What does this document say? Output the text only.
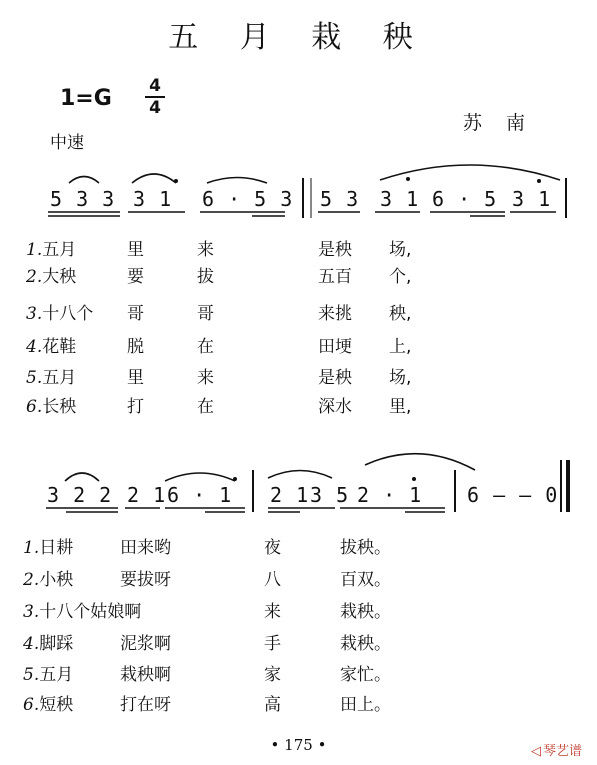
五 月 栽 秧
1=G	4
4
中速
苏 南
5 3 3 3 1 6 · 5 3 5 3 3 1 6 · 5 3 1
1.五月	里	来	是秧 场,
2.大秧	要	拔	五百 个,
3.十八个 哥	哥	来挑 秧,
4.花鞋	脱	在	田埂 上,
5.五月	里	来	是秧 场,
6.长秧	打	在	深水 里,
3 2 2 2 1 6 · 1 2 1 3 5 2 · 1 6 — — 0
1.日耕	田来哟	夜	拔秧。
2.小秧	要拔呀	八	百双。
3.十八个姑娘啊	来	栽秧。
4.脚踩	泥浆啊	手	栽秧。
5.五月	栽秧啊	家	家忙。
6.短秧	打在呀	高	田上。
• 175 •	◁ 琴艺谱
